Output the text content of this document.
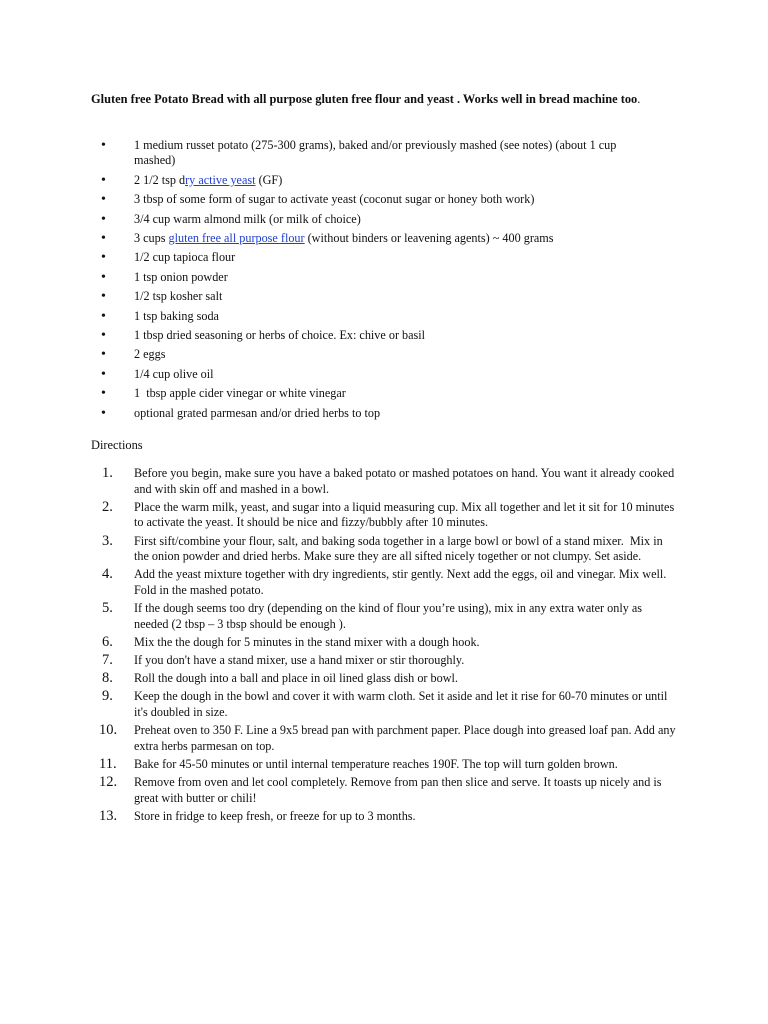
Gluten free Potato Bread with all purpose gluten free flour and yeast . Works well in bread machine too.
• 1 medium russet potato (275-300 grams), baked and/or previously mashed (see notes) (about 1 cup mashed)
• 2 1/2 tsp dry active yeast (GF)
• 3 tbsp of some form of sugar to activate yeast (coconut sugar or honey both work)
• 3/4 cup warm almond milk (or milk of choice)
• 3 cups gluten free all purpose flour (without binders or leavening agents) ~ 400 grams
• 1/2 cup tapioca flour
• 1 tsp onion powder
• 1/2 tsp kosher salt
• 1 tsp baking soda
• 1 tbsp dried seasoning or herbs of choice. Ex: chive or basil
• 2 eggs
• 1/4 cup olive oil
• 1  tbsp apple cider vinegar or white vinegar
• optional grated parmesan and/or dried herbs to top
Directions
1. Before you begin, make sure you have a baked potato or mashed potatoes on hand. You want it already cooked and with skin off and mashed in a bowl.
2. Place the warm milk, yeast, and sugar into a liquid measuring cup. Mix all together and let it sit for 10 minutes to activate the yeast. It should be nice and fizzy/bubbly after 10 minutes.
3. First sift/combine your flour, salt, and baking soda together in a large bowl or bowl of a stand mixer.  Mix in the onion powder and dried herbs. Make sure they are all sifted nicely together or not clumpy. Set aside.
4. Add the yeast mixture together with dry ingredients, stir gently. Next add the eggs, oil and vinegar. Mix well. Fold in the mashed potato.
5. If the dough seems too dry (depending on the kind of flour you’re using), mix in any extra water only as needed (2 tbsp – 3 tbsp should be enough ).
6. Mix the the dough for 5 minutes in the stand mixer with a dough hook.
7. If you don't have a stand mixer, use a hand mixer or stir thoroughly.
8. Roll the dough into a ball and place in oil lined glass dish or bowl.
9. Keep the dough in the bowl and cover it with warm cloth. Set it aside and let it rise for 60-70 minutes or until it's doubled in size.
10. Preheat oven to 350 F. Line a 9x5 bread pan with parchment paper. Place dough into greased loaf pan. Add any extra herbs parmesan on top.
11. Bake for 45-50 minutes or until internal temperature reaches 190F. The top will turn golden brown.
12. Remove from oven and let cool completely. Remove from pan then slice and serve. It toasts up nicely and is great with butter or chili!
13. Store in fridge to keep fresh, or freeze for up to 3 months.
